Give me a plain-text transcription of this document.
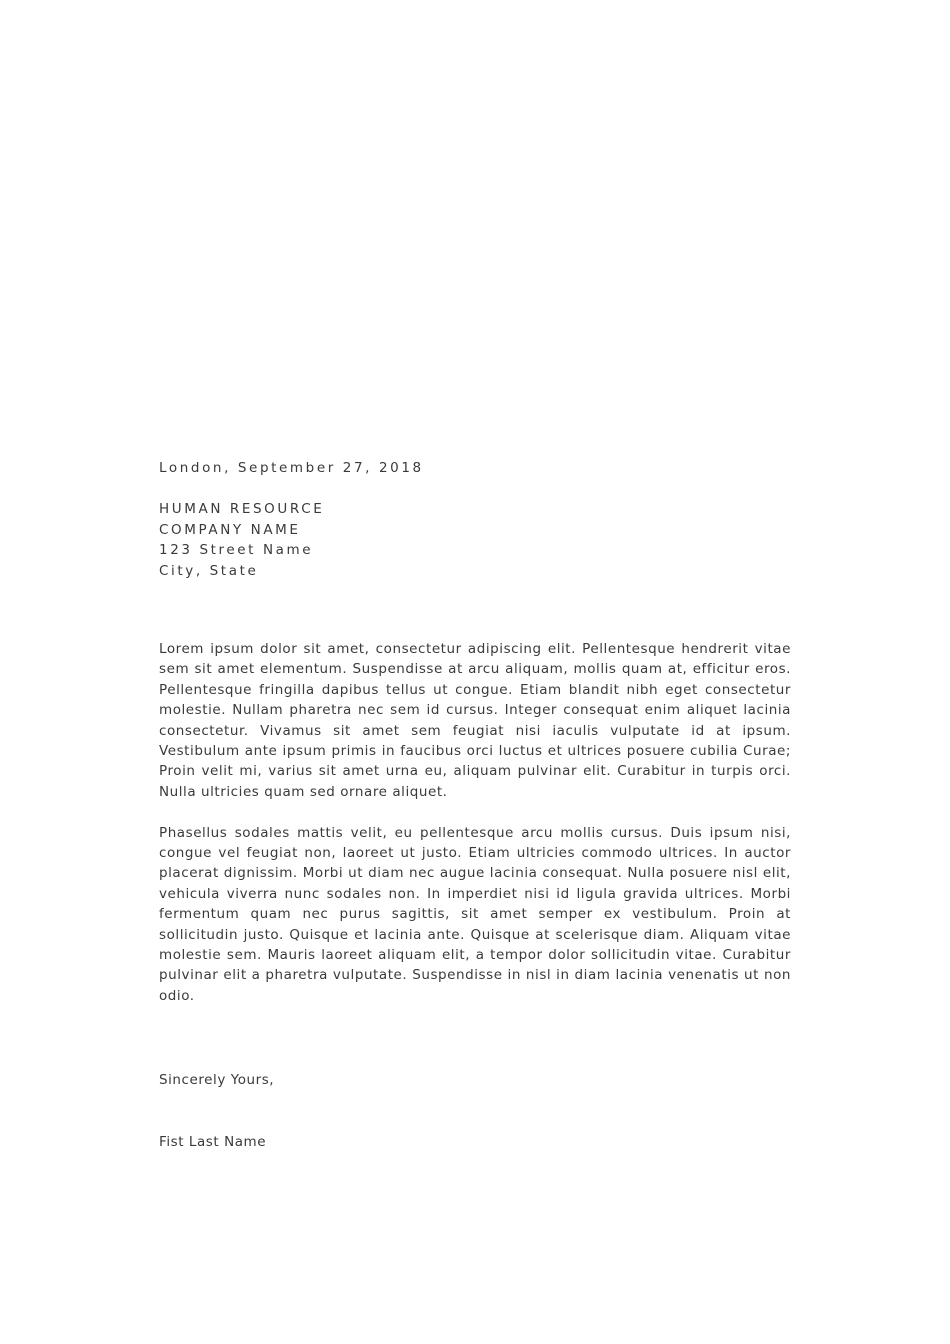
London, September 27, 2018

HUMAN RESOURCE
COMPANY NAME
123 Street Name
City, State

Lorem ipsum dolor sit amet, consectetur adipiscing elit. Pellentesque hendrerit vitae sem sit amet elementum. Suspendisse at arcu aliquam, mollis quam at, efficitur eros. Pellentesque fringilla dapibus tellus ut congue. Etiam blandit nibh eget consectetur molestie. Nullam pharetra nec sem id cursus. Integer consequat enim aliquet lacinia consectetur. Vivamus sit amet sem feugiat nisi iaculis vulputate id at ipsum. Vestibulum ante ipsum primis in faucibus orci luctus et ultrices posuere cubilia Curae; Proin velit mi, varius sit amet urna eu, aliquam pulvinar elit. Curabitur in turpis orci. Nulla ultricies quam sed ornare aliquet.

Phasellus sodales mattis velit, eu pellentesque arcu mollis cursus. Duis ipsum nisi, congue vel feugiat non, laoreet ut justo. Etiam ultricies commodo ultrices. In auctor placerat dignissim. Morbi ut diam nec augue lacinia consequat. Nulla posuere nisl elit, vehicula viverra nunc sodales non. In imperdiet nisi id ligula gravida ultrices. Morbi fermentum quam nec purus sagittis, sit amet semper ex vestibulum. Proin at sollicitudin justo. Quisque et lacinia ante. Quisque at scelerisque diam. Aliquam vitae molestie sem. Mauris laoreet aliquam elit, a tempor dolor sollicitudin vitae. Curabitur pulvinar elit a pharetra vulputate. Suspendisse in nisl in diam lacinia venenatis ut non odio.

Sincerely Yours,

Fist Last Name
